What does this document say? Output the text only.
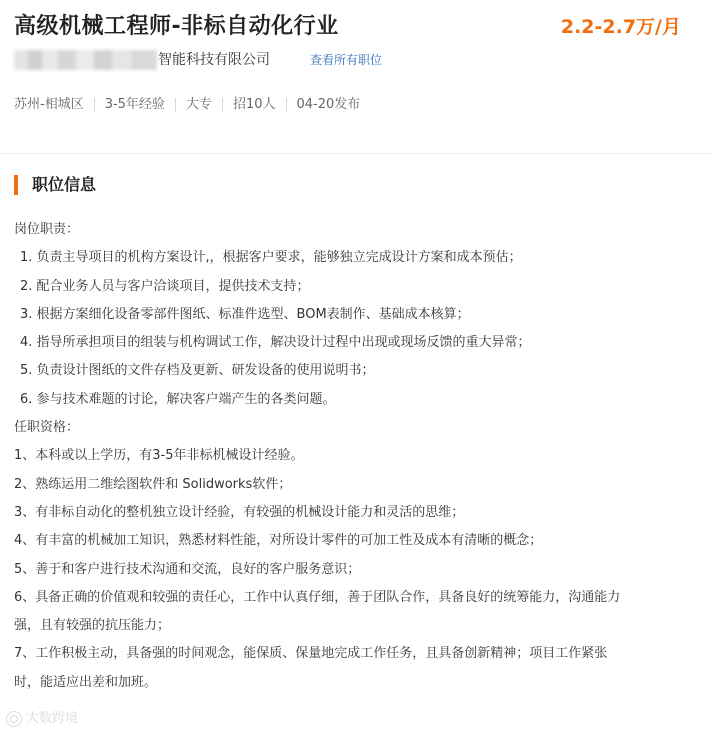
高级机械工程师-非标自动化行业	2.2-2.7万/月
智能科技有限公司	查看所有职位
苏州-相城区 3-5年经验 大专 招10人 04-20发布
职位信息
岗位职责：
1. 负责主导项目的机构方案设计,，根据客户要求，能够独立完成设计方案和成本预估；
2. 配合业务人员与客户洽谈项目，提供技术支持；
3. 根据方案细化设备零部件图纸、标准件选型、BOM表制作、基础成本核算；
4. 指导所承担项目的组装与机构调试工作，解决设计过程中出现或现场反馈的重大异常；
5. 负责设计图纸的文件存档及更新、研发设备的使用说明书；
6. 参与技术难题的讨论，解决客户端产生的各类问题。
任职资格：
1、本科或以上学历，有3-5年非标机械设计经验。
2、熟练运用二维绘图软件和 Solidworks软件；
3、有非标自动化的整机独立设计经验，有较强的机械设计能力和灵活的思维；
4、有丰富的机械加工知识，熟悉材料性能，对所设计零件的可加工性及成本有清晰的概念；
5、善于和客户进行技术沟通和交流，良好的客户服务意识；
6、具备正确的价值观和较强的责任心，工作中认真仔细，善于团队合作，具备良好的统筹能力，沟通能力
强，且有较强的抗压能力；
7、工作积极主动，具备强的时间观念，能保质、保量地完成工作任务，且具备创新精神；项目工作紧张
时，能适应出差和加班。
大数跨境
